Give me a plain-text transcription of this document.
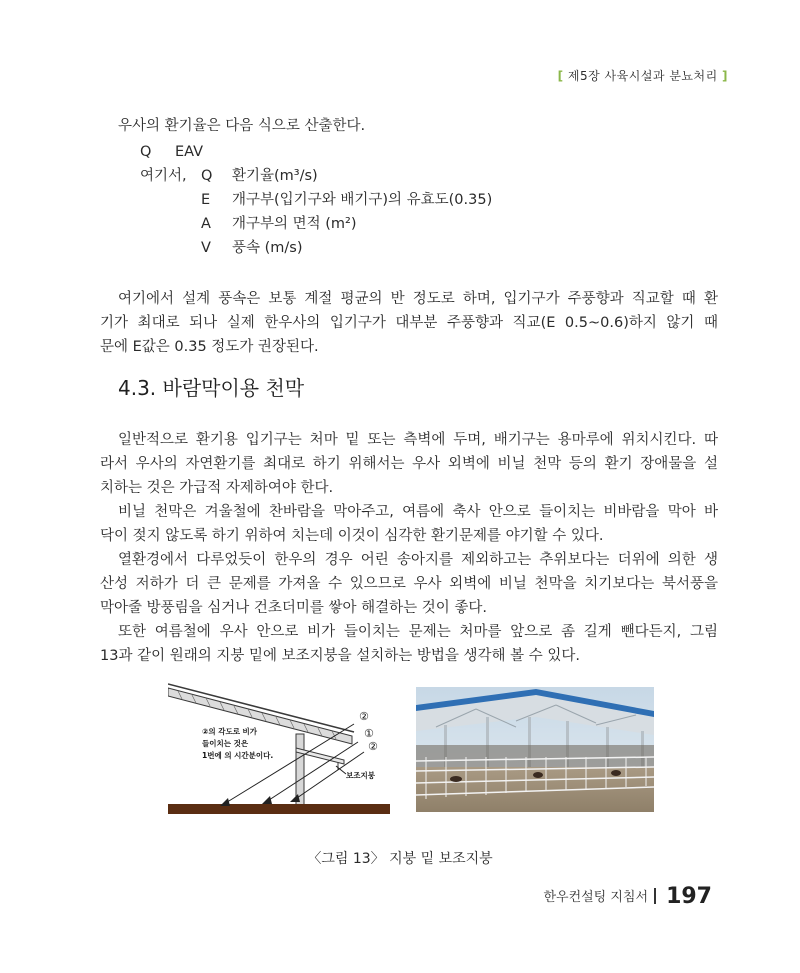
[ 제5장 사육시설과 분뇨처리 ]
우사의 환기율은 다음 식으로 산출한다.
Q EAV
여기서, Q 환기율(m³/s)
E 개구부(입기구와 배기구)의 유효도(0.35)
A 개구부의 면적 (m²)
V 풍속 (m/s)
여기에서 설계 풍속은 보통 계절 평균의 반 정도로 하며, 입기구가 주풍향과 직교할 때 환
기가 최대로 되나 실제 한우사의 입기구가 대부분 주풍향과 직교(E 0.5~0.6)하지 않기 때
문에 E값은 0.35 정도가 권장된다.
4.3. 바람막이용 천막
일반적으로 환기용 입기구는 처마 밑 또는 측벽에 두며, 배기구는 용마루에 위치시킨다. 따
라서 우사의 자연환기를 최대로 하기 위해서는 우사 외벽에 비닐 천막 등의 환기 장애물을 설
치하는 것은 가급적 자제하여야 한다.
비닐 천막은 겨울철에 찬바람을 막아주고, 여름에 축사 안으로 들이치는 비바람을 막아 바
닥이 젖지 않도록 하기 위하여 치는데 이것이 심각한 환기문제를 야기할 수 있다.
열환경에서 다루었듯이 한우의 경우 어린 송아지를 제외하고는 추위보다는 더위에 의한 생
산성 저하가 더 큰 문제를 가져올 수 있으므로 우사 외벽에 비닐 천막을 치기보다는 북서풍을
막아줄 방풍림을 심거나 건초더미를 쌓아 해결하는 것이 좋다.
또한 여름철에 우사 안으로 비가 들이치는 문제는 처마를 앞으로 좀 길게 뺀다든지, 그림
13과 같이 원래의 지붕 밑에 보조지붕을 설치하는 방법을 생각해 볼 수 있다.
②
①
②
②의 각도로 비가
들이치는 것은
1번에 의 시간분이다.
보조지붕
〈그림 13〉 지붕 밑 보조지붕
한우컨설팅 지침서 197
